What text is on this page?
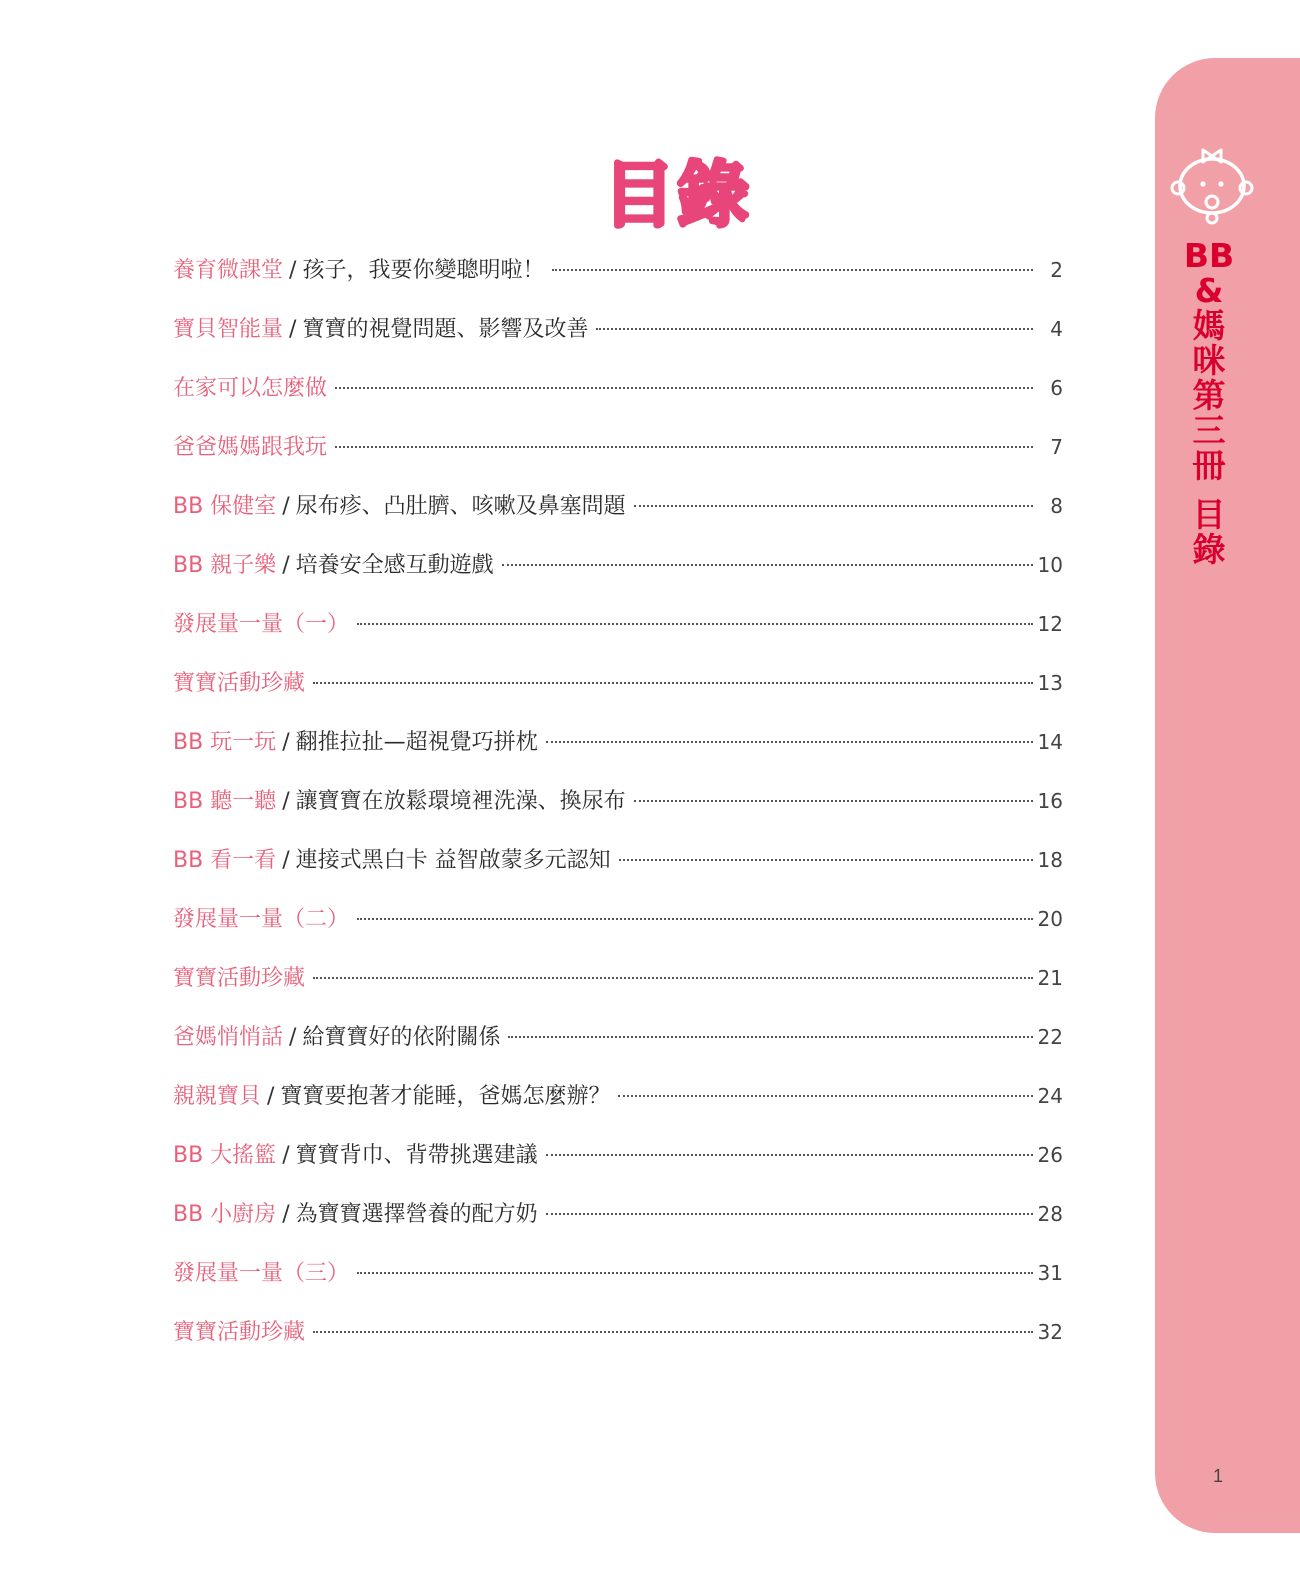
目錄
養育微課堂 / 孩子，我要你變聰明啦！	2
寶貝智能量 / 寶寶的視覺問題、影響及改善	4
在家可以怎麼做	6
爸爸媽媽跟我玩	7
BB 保健室 / 尿布疹、凸肚臍、咳嗽及鼻塞問題	8
BB 親子樂 / 培養安全感互動遊戲	10
發展量一量（一）	12
寶寶活動珍藏	13
BB 玩一玩 / 翻推拉扯—超視覺巧拼枕	14
BB 聽一聽 / 讓寶寶在放鬆環境裡洗澡、換尿布	16
BB 看一看 / 連接式黑白卡 益智啟蒙多元認知	18
發展量一量（二）	20
寶寶活動珍藏	21
爸媽悄悄話 / 給寶寶好的依附關係	22
親親寶貝 / 寶寶要抱著才能睡，爸媽怎麼辦？	24
BB 大搖籃 / 寶寶背巾、背帶挑選建議	26
BB 小廚房 / 為寶寶選擇營養的配方奶	28
發展量一量（三）	31
寶寶活動珍藏	32
BB
&
媽
咪
第
三
冊
目
錄
1
